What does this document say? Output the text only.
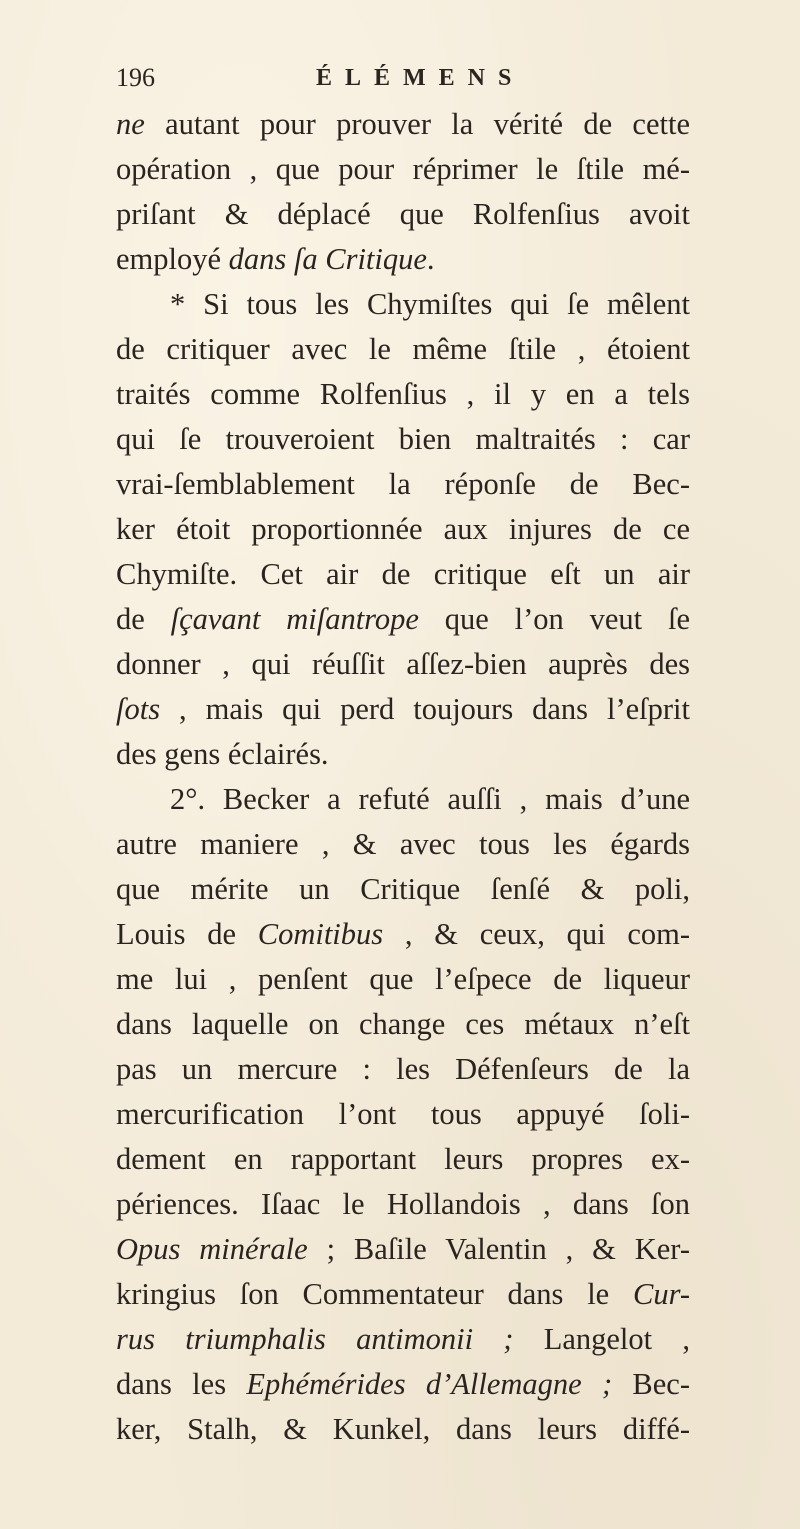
196	ÉLÉMENS
ne autant pour prouver la vérité de cette
opération , que pour réprimer le ſtile mé-
priſant & déplacé que Rolfenſius avoit
employé dans ſa Critique.
* Si tous les Chymiſtes qui ſe mêlent
de critiquer avec le même ſtile , étoient
traités comme Rolfenſius , il y en a tels
qui ſe trouveroient bien maltraités : car
vrai-ſemblablement la réponſe de Bec-
ker étoit proportionnée aux injures de ce
Chymiſte. Cet air de critique eſt un air
de ſçavant miſantrope que l’on veut ſe
donner , qui réuſſit aſſez-bien auprès des
ſots , mais qui perd toujours dans l’eſprit
des gens éclairés.
2°. Becker a refuté auſſi , mais d’une
autre maniere , & avec tous les égards
que mérite un Critique ſenſé & poli,
Louis de Comitibus , & ceux, qui com-
me lui , penſent que l’eſpece de liqueur
dans laquelle on change ces métaux n’eſt
pas un mercure : les Défenſeurs de la
mercurification l’ont tous appuyé ſoli-
dement en rapportant leurs propres ex-
périences. Iſaac le Hollandois , dans ſon
Opus minérale ; Baſile Valentin , & Ker-
kringius ſon Commentateur dans le Cur-
rus triumphalis antimonii ; Langelot ,
dans les Ephémérides d’Allemagne ; Bec-
ker, Stalh, & Kunkel, dans leurs diffé-
